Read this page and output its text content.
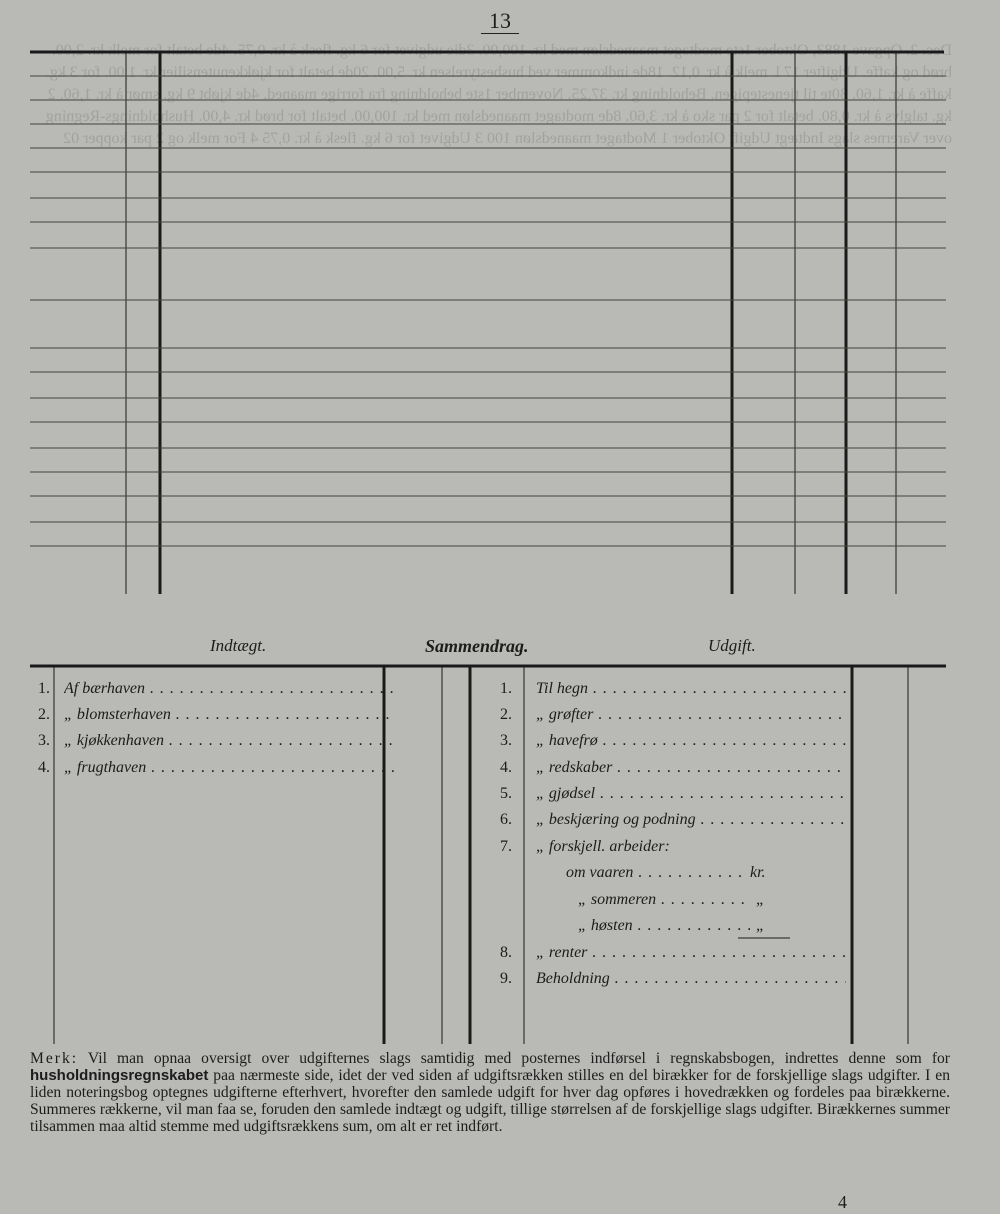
13
Dec. 2. Opgave 1883, Oktober 1ste modtaget maanedsløn med kr. 100,00. 3die udgivet for 6 kg. flesk à kr. 0,75. 4de betalt for melk kr. 2,00. brød og kaffe. Udgifter 17 l. melk à kr. 0,12. 18de indkommer ved husbestyrelsen kr. 5,00. 20de betalt for kjøkkenutensilier kr. 1,00. for 3 kg. kaffe à kr. 1,60. 30te til tjenestepigen. Beholdning kr. 37,25. November 1ste beholdning fra forrige maaned. 4de kjøbt 9 kg. smør à kr. 1,60. 2 kg. talglys à kr. 0,80. betalt for 2 par sko à kr. 3,60. 8de modtaget maanedsløn med kr. 100,00. betalt for brød kr. 4,00. Husholdnings-Regning over Varernes slags Indtægt Udgift Oktober 1 Modtaget maanedsløn 100 3 Udgivet for 6 kg. flesk à kr. 0,75 4 For melk og 2 par kopper 02
Indtægt.	Sammendrag.	Udgift.
1. Af bærhaven . . .
2. „ blomsterhaven . . .
3. „ kjøkkenhaven . . .
4. „ frugthaven . . .
1. Til hegn . . .
2. „ grøfter . . .
3. „ havefrø . . .
4. „ redskaber . . .
5. „ gjødsel . . .
6. „ beskjæring og podning . . .
7. „ forskjell. arbeider:
om vaaren . . .	kr.
„ sommeren . . .	„
„ høsten . . .	„
8. „ renter . . .
9. Beholdning . . .
Merk: Vil man opnaa oversigt over udgifternes slags samtidig med posternes indførsel i regnskabsbogen, indrettes denne som for husholdningsregnskabet paa nærmeste side, idet der ved siden af udgiftsrækken stilles en del birækker for de forskjellige slags udgifter. I en liden noteringsbog optegnes udgifterne efterhvert, hvorefter den samlede udgift for hver dag opføres i hovedrækken og fordeles paa birækkerne. Summeres rækkerne, vil man faa se, foruden den samlede indtægt og udgift, tillige størrelsen af de forskjellige slags udgifter. Birækkernes summer tilsammen maa altid stemme med udgiftsrækkens sum, om alt er ret indført.
4
